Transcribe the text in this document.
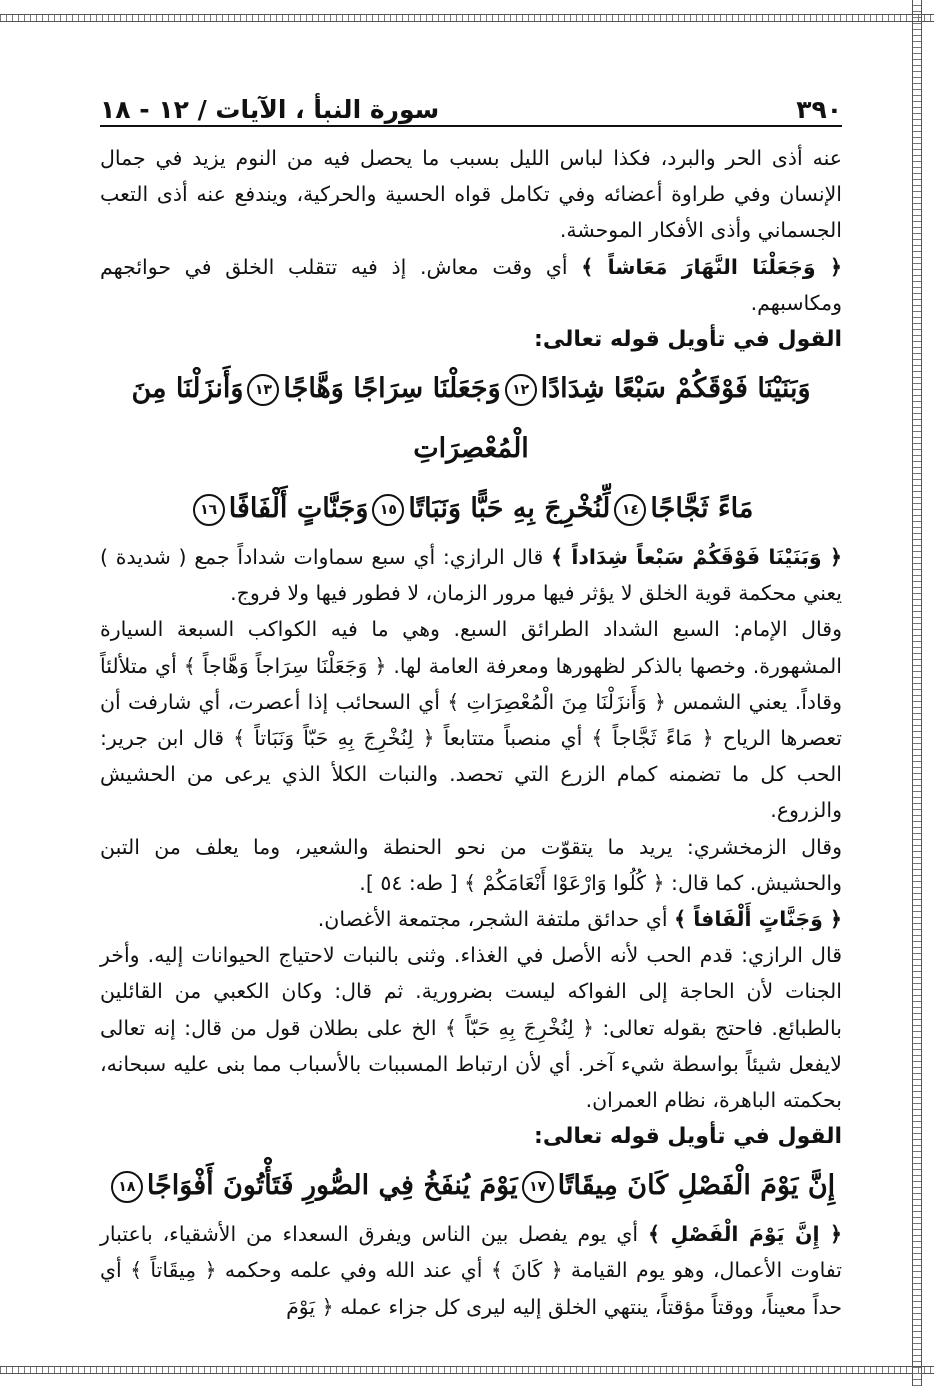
٣٩٠
سورة النبأ ، الآيات / ١٢ - ١٨

عنه أذى الحر والبرد، فكذا لباس الليل بسبب ما يحصل فيه من النوم يزيد في جمال الإنسان وفي طراوة أعضائه وفي تكامل قواه الحسية والحركية، ويندفع عنه أذى التعب الجسماني وأذى الأفكار الموحشة.

﴿ وَجَعَلْنَا النَّهَارَ مَعَاشاً ﴾ أي وقت معاش. إذ فيه تتقلب الخلق في حوائجهم ومكاسبهم.

القول في تأويل قوله تعالى:

وَبَنَيْنَا فَوْقَكُمْ سَبْعًا شِدَادًا١٢وَجَعَلْنَا سِرَاجًا وَهَّاجًا١٣وَأَنزَلْنَا مِنَ الْمُعْصِرَاتِ

مَاءً ثَجَّاجًا١٤لِّنُخْرِجَ بِهِ حَبًّا وَنَبَاتًا١٥وَجَنَّاتٍ أَلْفَافًا١٦

﴿ وَبَنَيْنَا فَوْقَكُمْ سَبْعاً شِدَاداً ﴾ قال الرازي: أي سبع سماوات شداداً جمع ( شديدة ) يعني محكمة قوية الخلق لا يؤثر فيها مرور الزمان، لا فطور فيها ولا فروج.

وقال الإمام: السبع الشداد الطرائق السبع. وهي ما فيه الكواكب السبعة السيارة المشهورة. وخصها بالذكر لظهورها ومعرفة العامة لها. ﴿ وَجَعَلْنَا سِرَاجاً وَهَّاجاً ﴾ أي متلألئاً وقاداً. يعني الشمس ﴿ وَأَنزَلْنَا مِنَ الْمُعْصِرَاتِ ﴾ أي السحائب إذا أعصرت، أي شارفت أن تعصرها الرياح ﴿ مَاءً ثَجَّاجاً ﴾ أي منصباً متتابعاً ﴿ لِنُخْرِجَ بِهِ حَبّاً وَنَبَاتاً ﴾ قال ابن جرير: الحب كل ما تضمنه كمام الزرع التي تحصد. والنبات الكلأ الذي يرعى من الحشيش والزروع.

وقال الزمخشري: يريد ما يتقوّت من نحو الحنطة والشعير، وما يعلف من التبن والحشيش. كما قال: ﴿ كُلُوا وَارْعَوْا أَنْعَامَكُمْ ﴾ [ طه: ٥٤ ].

﴿ وَجَنَّاتٍ أَلْفَافاً ﴾ أي حدائق ملتفة الشجر، مجتمعة الأغصان.

قال الرازي: قدم الحب لأنه الأصل في الغذاء. وثنى بالنبات لاحتياج الحيوانات إليه. وأخر الجنات لأن الحاجة إلى الفواكه ليست بضرورية. ثم قال: وكان الكعبي من القائلين بالطبائع. فاحتج بقوله تعالى: ﴿ لِنُخْرِجَ بِهِ حَبّاً ﴾ الخ على بطلان قول من قال: إنه تعالى لايفعل شيئاً بواسطة شيء آخر. أي لأن ارتباط المسببات بالأسباب مما بنى عليه سبحانه، بحكمته الباهرة، نظام العمران.

القول في تأويل قوله تعالى:

إِنَّ يَوْمَ الْفَصْلِ كَانَ مِيقَاتًا١٧يَوْمَ يُنفَخُ فِي الصُّورِ فَتَأْتُونَ أَفْوَاجًا١٨

﴿ إِنَّ يَوْمَ الْفَصْلِ ﴾ أي يوم يفصل بين الناس ويفرق السعداء من الأشقياء، باعتبار تفاوت الأعمال، وهو يوم القيامة ﴿ كَانَ ﴾ أي عند الله وفي علمه وحكمه ﴿ مِيقَاتاً ﴾ أي حداً معيناً، ووقتاً مؤقتاً، ينتهي الخلق إليه ليرى كل جزاء عمله ﴿ يَوْمَ
